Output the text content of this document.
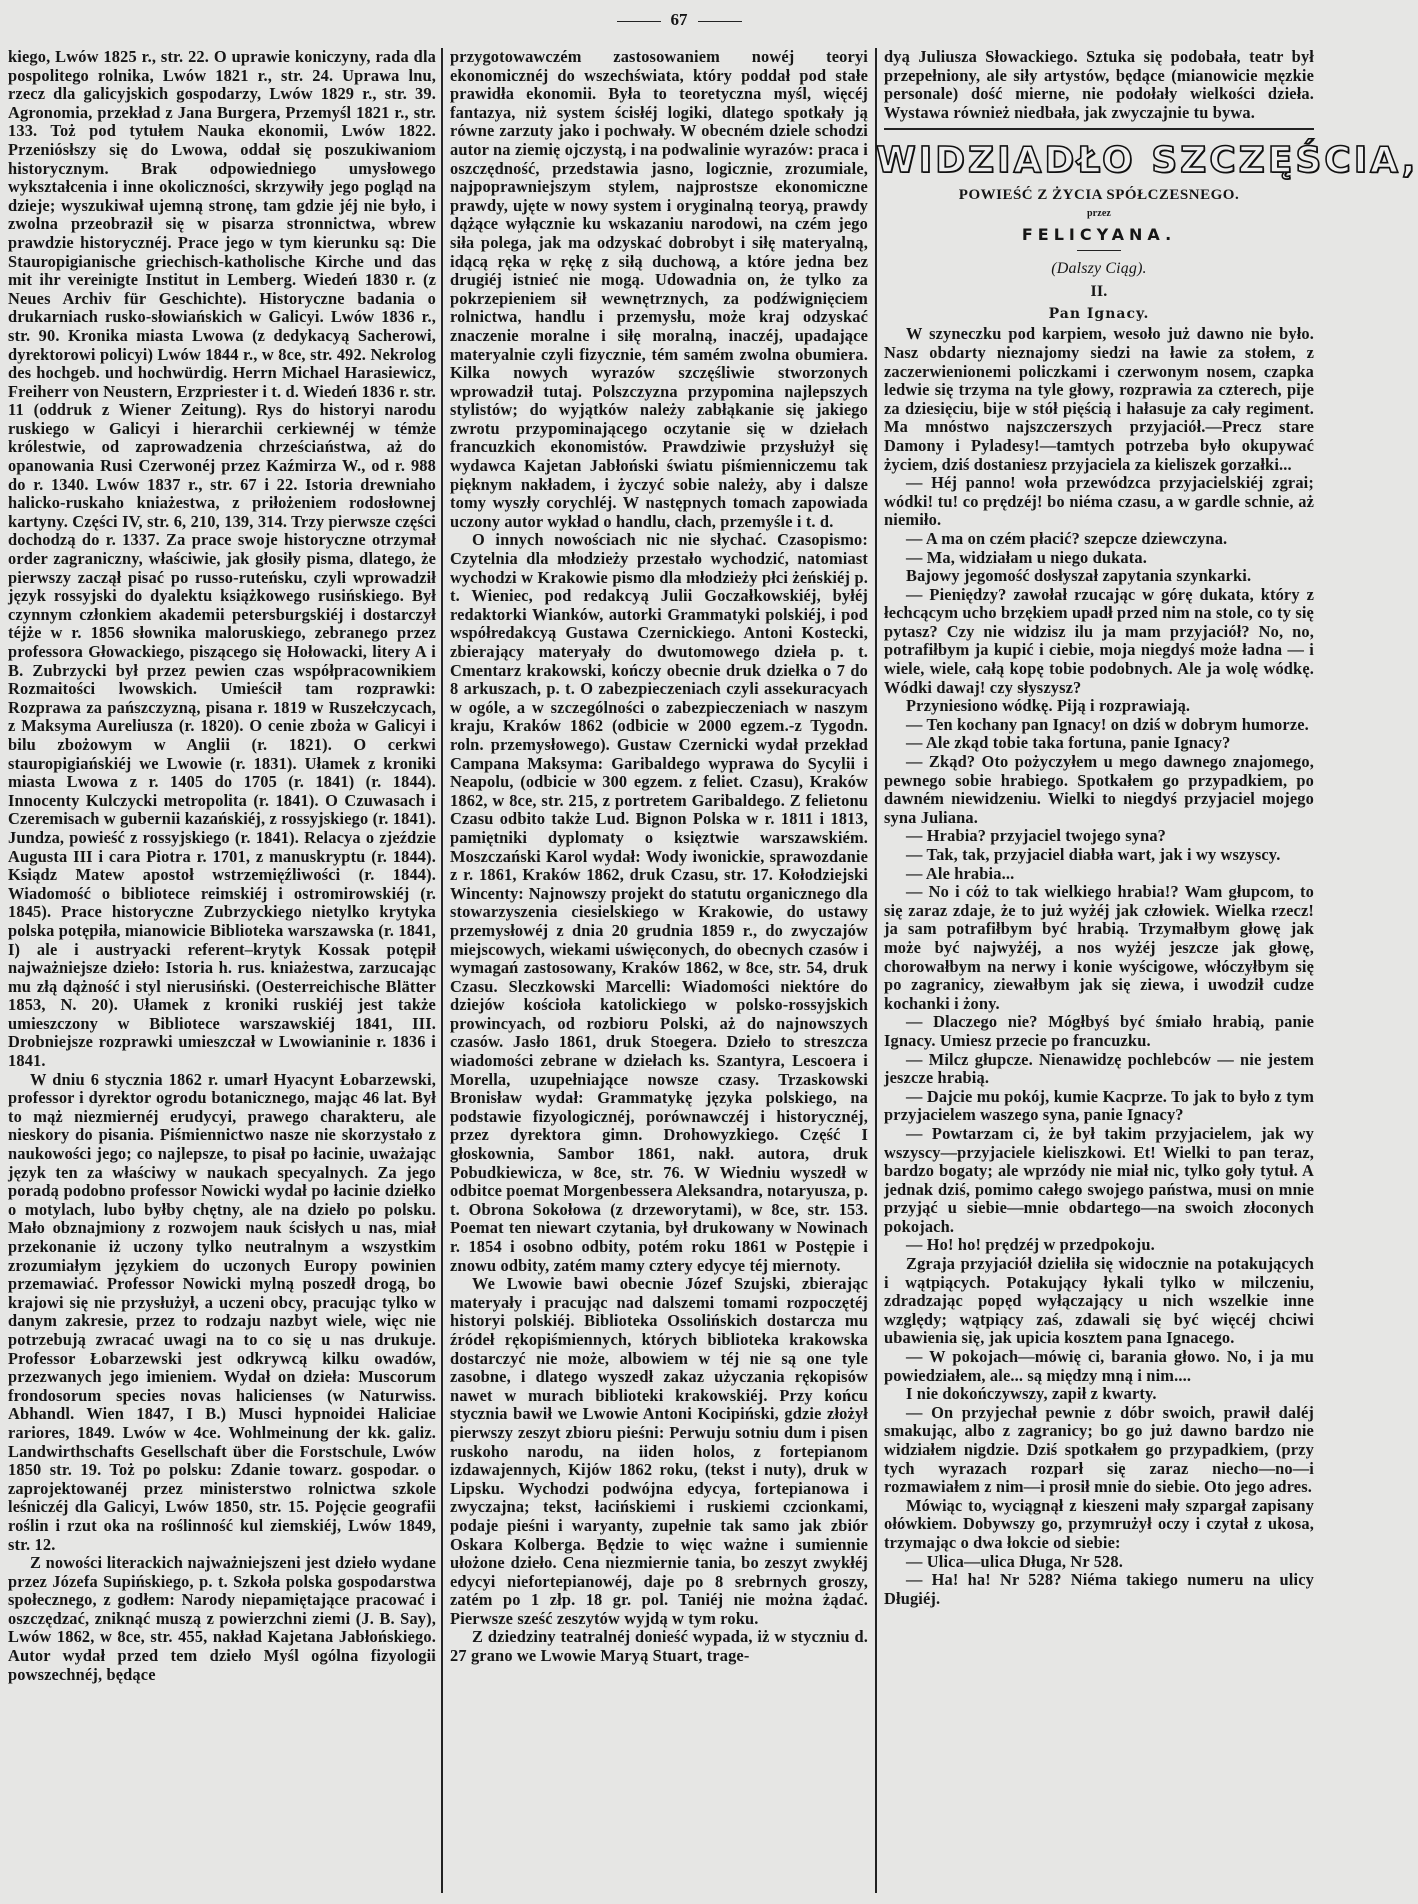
67

kiego, Lwów 1825 r., str. 22. O uprawie koniczyny, rada dla pospolitego rolnika, Lwów 1821 r., str. 24. Uprawa lnu, rzecz dla galicyjskich gospodarzy, Lwów 1829 r., str. 39. Agronomia, przekład z Jana Burgera, Przemyśl 1821 r., str. 133. Toż pod tytułem Nauka ekonomii, Lwów 1822. Przeniósłszy się do Lwowa, oddał się poszukiwaniom historycznym. Brak odpowiedniego umysłowego wykształcenia i inne okoliczności, skrzywiły jego pogląd na dzieje; wyszukiwał ujemną stronę, tam gdzie jéj nie było, i zwolna przeobraził się w pisarza stronnictwa, wbrew prawdzie historycznéj. Prace jego w tym kierunku są: Die Stauropigianische griechisch-katholische Kirche und das mit ihr vereinigte Institut in Lemberg. Wiedeń 1830 r. (z Neues Archiv für Geschichte). Historyczne badania o drukarniach rusko-słowiańskich w Galicyi. Lwów 1836 r., str. 90. Kronika miasta Lwowa (z dedykacyą Sacherowi, dyrektorowi policyi) Lwów 1844 r., w 8ce, str. 492. Nekrolog des hochgeb. und hochwürdig. Herrn Michael Harasiewicz, Freiherr von Neustern, Erzpriester i t. d. Wiedeń 1836 r. str. 11 (oddruk z Wiener Zeitung). Rys do historyi narodu ruskiego w Galicyi i hierarchii cerkiewnéj w témże królestwie, od zaprowadzenia chrześciaństwa, aż do opanowania Rusi Czerwonéj przez Kaźmirza W., od r. 988 do r. 1340. Lwów 1837 r., str. 67 i 22. Istoria drewniaho halicko-ruskaho kniażestwa, z priłożeniem rodosłownej kartyny. Części IV, str. 6, 210, 139, 314. Trzy pierwsze części dochodzą do r. 1337. Za prace swoje historyczne otrzymał order zagraniczny, właściwie, jak głosiły pisma, dlatego, że pierwszy zaczął pisać po russo-ruteńsku, czyli wprowadził język rossyjski do dyalektu książkowego rusińskiego. Był czynnym członkiem akademii petersburgskiéj i dostarczył téjże w r. 1856 słownika maloruskiego, zebranego przez professora Głowackiego, piszącego się Hołowacki, litery A i B. Zubrzycki był przez pewien czas współpracownikiem Rozmaitości lwowskich. Umieścił tam rozprawki: Rozprawa za pańszczyzną, pisana r. 1819 w Ruszełczycach, z Maksyma Aureliusza (r. 1820). O cenie zboża w Galicyi i bilu zbożowym w Anglii (r. 1821). O cerkwi stauropigiańskiéj we Lwowie (r. 1831). Ułamek z kroniki miasta Lwowa z r. 1405 do 1705 (r. 1841) (r. 1844). Innocenty Kulczycki metropolita (r. 1841). O Czuwasach i Czeremisach w gubernii kazańskiéj, z rossyjskiego (r. 1841). Jundza, powieść z rossyjskiego (r. 1841). Relacya o zjeździe Augusta III i cara Piotra r. 1701, z manuskryptu (r. 1844). Ksiądz Matew apostoł wstrzemięźliwości (r. 1844). Wiadomość o bibliotece reimskiéj i ostromirowskiéj (r. 1845). Prace historyczne Zubrzyckiego nietylko krytyka polska potępiła, mianowicie Biblioteka warszawska (r. 1841, I) ale i austryacki referent–krytyk Kossak potępił najważniejsze dzieło: Istoria h. rus. kniażestwa, zarzucając mu złą dążność i styl nierusiński. (Oesterreichische Blätter 1853, N. 20). Ułamek z kroniki ruskiéj jest także umieszczony w Bibliotece warszawskiéj 1841, III. Drobniejsze rozprawki umieszczał w Lwowianinie r. 1836 i 1841.

W dniu 6 stycznia 1862 r. umarł Hyacynt Łobarzewski, professor i dyrektor ogrodu botanicznego, mając 46 lat. Był to mąż niezmiernéj erudycyi, prawego charakteru, ale nieskory do pisania. Piśmiennictwo nasze nie skorzystało z naukowości jego; co najlepsze, to pisał po łacinie, uważając język ten za właściwy w naukach specyalnych. Za jego poradą podobno professor Nowicki wydał po łacinie dziełko o motylach, lubo byłby chętny, ale na dzieło po polsku. Mało obznajmiony z rozwojem nauk ścisłych u nas, miał przekonanie iż uczony tylko neutralnym a wszystkim zrozumiałym językiem do uczonych Europy powinien przemawiać. Professor Nowicki mylną poszedł drogą, bo krajowi się nie przysłużył, a uczeni obcy, pracując tylko w danym zakresie, przez to rodzaju nazbyt wiele, więc nie potrzebują zwracać uwagi na to co się u nas drukuje. Professor Łobarzewski jest odkrywcą kilku owadów, przezwanych jego imieniem. Wydał on dzieła: Muscorum frondosorum species novas halicienses (w Naturwiss. Abhandl. Wien 1847, I B.) Musci hypnoidei Haliciae rariores, 1849. Lwów w 4ce. Wohlmeinung der kk. galiz. Landwirthschafts Gesellschaft über die Forstschule, Lwów 1850 str. 19. Toż po polsku: Zdanie towarz. gospodar. o zaprojektowanéj przez ministerstwo rolnictwa szkole leśniczéj dla Galicyi, Lwów 1850, str. 15. Pojęcie geografii roślin i rzut oka na roślinność kul ziemskiéj, Lwów 1849, str. 12.

Z nowości literackich najważniejszeni jest dzieło wydane przez Józefa Supińskiego, p. t. Szkoła polska gospodarstwa społecznego, z godłem: Narody niepamiętające pracować i oszczędzać, zniknąć muszą z powierzchni ziemi (J. B. Say), Lwów 1862, w 8ce, str. 455, nakład Kajetana Jabłońskiego. Autor wydał przed tem dzieło Myśl ogólna fizyologii powszechnéj, będące

przygotowawczém zastosowaniem nowéj teoryi ekonomicznéj do wszechświata, który poddał pod stałe prawidła ekonomii. Była to teoretyczna myśl, więcéj fantazya, niż system ścisłéj logiki, dlatego spotkały ją równe zarzuty jako i pochwały. W obecném dziele schodzi autor na ziemię ojczystą, i na podwalinie wyrazów: praca i oszczędność, przedstawia jasno, logicznie, zrozumiale, najpoprawniejszym stylem, najprostsze ekonomiczne prawdy, ujęte w nowy system i oryginalną teoryą, prawdy dążące wyłącznie ku wskazaniu narodowi, na czém jego siła polega, jak ma odzyskać dobrobyt i siłę materyalną, idącą ręka w rękę z siłą duchową, a które jedna bez drugiéj istnieć nie mogą. Udowadnia on, że tylko za pokrzepieniem sił wewnętrznych, za podźwignięciem rolnictwa, handlu i przemysłu, może kraj odzyskać znaczenie moralne i siłę moralną, inaczéj, upadające materyalnie czyli fizycznie, tém samém zwolna obumiera. Kilka nowych wyrazów szczęśliwie stworzonych wprowadził tutaj. Polszczyzna przypomina najlepszych stylistów; do wyjątków należy zabłąkanie się jakiego zwrotu przypominającego oczytanie się w dziełach francuzkich ekonomistów. Prawdziwie przysłużył się wydawca Kajetan Jabłoński światu piśmienniczemu tak pięknym nakładem, i życzyć sobie należy, aby i dalsze tomy wyszły corychléj. W następnych tomach zapowiada uczony autor wykład o handlu, cłach, przemyśle i t. d.

O innych nowościach nic nie słychać. Czasopismo: Czytelnia dla młodzieży przestało wychodzić, natomiast wychodzi w Krakowie pismo dla młodzieży płci żeńskiéj p. t. Wieniec, pod redakcyą Julii Goczałkowskiéj, byłéj redaktorki Wianków, autorki Grammatyki polskiéj, i pod współredakcyą Gustawa Czernickiego. Antoni Kostecki, zbierający materyały do dwutomowego dzieła p. t. Cmentarz krakowski, kończy obecnie druk dziełka o 7 do 8 arkuszach, p. t. O zabezpieczeniach czyli assekuracyach w ogóle, a w szczególności o zabezpieczeniach w naszym kraju, Kraków 1862 (odbicie w 2000 egzem.-z Tygodn. roln. przemysłowego). Gustaw Czernicki wydał przekład Campana Maksyma: Garibaldego wyprawa do Sycylii i Neapolu, (odbicie w 300 egzem. z feliet. Czasu), Kraków 1862, w 8ce, str. 215, z portretem Garibaldego. Z felietonu Czasu odbito także Lud. Bignon Polska w r. 1811 i 1813, pamiętniki dyplomaty o księztwie warszawskiém. Moszczański Karol wydał: Wody iwonickie, sprawozdanie z r. 1861, Kraków 1862, druk Czasu, str. 17. Kołodziejski Wincenty: Najnowszy projekt do statutu organicznego dla stowarzyszenia ciesielskiego w Krakowie, do ustawy przemysłowéj z dnia 20 grudnia 1859 r., do zwyczajów miejscowych, wiekami uświęconych, do obecnych czasów i wymagań zastosowany, Kraków 1862, w 8ce, str. 54, druk Czasu. Sleczkowski Marcelli: Wiadomości niektóre do dziejów kościoła katolickiego w polsko-rossyjskich prowincyach, od rozbioru Polski, aż do najnowszych czasów. Jasło 1861, druk Stoegera. Dzieło to streszcza wiadomości zebrane w dziełach ks. Szantyra, Lescoera i Morella, uzupełniające nowsze czasy. Trzaskowski Bronisław wydał: Grammatykę języka polskiego, na podstawie fizyologicznéj, porównawczéj i historycznéj, przez dyrektora gimn. Drohowyzkiego. Część I głoskownia, Sambor 1861, nakł. autora, druk Pobudkiewicza, w 8ce, str. 76. W Wiedniu wyszedł w odbitce poemat Morgenbessera Aleksandra, notaryusza, p. t. Obrona Sokołowa (z drzeworytami), w 8ce, str. 153. Poemat ten niewart czytania, był drukowany w Nowinach r. 1854 i osobno odbity, potém roku 1861 w Postępie i znowu odbity, zatém mamy cztery edycye téj miernoty.

We Lwowie bawi obecnie Józef Szujski, zbierając materyały i pracując nad dalszemi tomami rozpoczętéj historyi polskiéj. Biblioteka Ossolińskich dostarcza mu źródeł rękopiśmiennych, których biblioteka krakowska dostarczyć nie może, albowiem w téj nie są one tyle zasobne, i dlatego wyszedł zakaz użyczania rękopisów nawet w murach biblioteki krakowskiéj. Przy końcu stycznia bawił we Lwowie Antoni Kocipiński, gdzie złożył pierwszy zeszyt zbioru pieśni: Perwuju sotniu dum i pisen ruskoho narodu, na iiden holos, z fortepianom izdawajennych, Kijów 1862 roku, (tekst i nuty), druk w Lipsku. Wychodzi podwójna edycya, fortepianowa i zwyczajna; tekst, łacińskiemi i ruskiemi czcionkami, podaje pieśni i waryanty, zupełnie tak samo jak zbiór Oskara Kolberga. Będzie to więc ważne i sumiennie ułożone dzieło. Cena niezmiernie tania, bo zeszyt zwykłéj edycyi niefortepianowéj, daje po 8 srebrnych groszy, zatém po 1 złp. 18 gr. pol. Taniéj nie można żądać. Pierwsze sześć zeszytów wyjdą w tym roku.

Z dziedziny teatralnéj donieść wypada, iż w styczniu d. 27 grano we Lwowie Maryą Stuart, trage-

dyą Juliusza Słowackiego. Sztuka się podobała, teatr był przepełniony, ale siły artystów, będące (mianowicie męzkie personale) dość mierne, nie podołały wielkości dzieła. Wystawa również niedbała, jak zwyczajnie tu bywa.

WIDZIADŁO SZCZĘŚCIA,
POWIEŚĆ Z ŻYCIA SPÓŁCZESNEGO.
przez
FELICYANA.
(Dalszy Ciąg).
II.
Pan Ignacy.

W szyneczku pod karpiem, wesoło już dawno nie było. Nasz obdarty nieznajomy siedzi na ławie za stołem, z zaczerwienionemi policzkami i czerwonym nosem, czapka ledwie się trzyma na tyle głowy, rozprawia za czterech, pije za dziesięciu, bije w stół pięścią i hałasuje za cały regiment. Ma mnóstwo najszczerszych przyjaciół.—Precz stare Damony i Pyladesy!—tamtych potrzeba było okupywać życiem, dziś dostaniesz przyjaciela za kieliszek gorzałki...

— Héj panno! woła przewódzca przyjacielskiéj zgrai; wódki! tu! co prędzéj! bo niéma czasu, a w gardle schnie, aż niemiło.

— A ma on czém płacić? szepcze dziewczyna.

— Ma, widziałam u niego dukata.

Bajowy jegomość dosłyszał zapytania szynkarki.

— Pieniędzy? zawołał rzucając w górę dukata, który z łechcącym ucho brzękiem upadł przed nim na stole, co ty się pytasz? Czy nie widzisz ilu ja mam przyjaciół? No, no, potrafiłbym ja kupić i ciebie, moja niegdyś może ładna — i wiele, wiele, całą kopę tobie podobnych. Ale ja wolę wódkę. Wódki dawaj! czy słyszysz?

Przyniesiono wódkę. Piją i rozprawiają.

— Ten kochany pan Ignacy! on dziś w dobrym humorze.

— Ale zkąd tobie taka fortuna, panie Ignacy?

— Zkąd? Oto pożyczyłem u mego dawnego znajomego, pewnego sobie hrabiego. Spotkałem go przypadkiem, po dawném niewidzeniu. Wielki to niegdyś przyjaciel mojego syna Juliana.

— Hrabia? przyjaciel twojego syna?

— Tak, tak, przyjaciel diabła wart, jak i wy wszyscy.

— Ale hrabia...

— No i cóż to tak wielkiego hrabia!? Wam głupcom, to się zaraz zdaje, że to już wyżéj jak człowiek. Wielka rzecz! ja sam potrafiłbym być hrabią. Trzymałbym głowę jak może być najwyżéj, a nos wyżéj jeszcze jak głowę, chorowałbym na nerwy i konie wyścigowe, włóczyłbym się po zagranicy, ziewałbym jak się ziewa, i uwodził cudze kochanki i żony.

— Dlaczego nie? Mógłbyś być śmiało hrabią, panie Ignacy. Umiesz przecie po francuzku.

— Milcz głupcze. Nienawidzę pochlebców — nie jestem jeszcze hrabią.

— Dajcie mu pokój, kumie Kacprze. To jak to było z tym przyjacielem waszego syna, panie Ignacy?

— Powtarzam ci, że był takim przyjacielem, jak wy wszyscy—przyjaciele kieliszkowi. Et! Wielki to pan teraz, bardzo bogaty; ale wprzódy nie miał nic, tylko goły tytuł. A jednak dziś, pomimo całego swojego państwa, musi on mnie przyjąć u siebie—mnie obdartego—na swoich złoconych pokojach.

— Ho! ho! prędzéj w przedpokoju.

Zgraja przyjaciół dzieliła się widocznie na potakujących i wątpiących. Potakujący łykali tylko w milczeniu, zdradzając popęd wyłączający u nich wszelkie inne względy; wątpiący zaś, zdawali się być więcéj chciwi ubawienia się, jak upicia kosztem pana Ignacego.

— W pokojach—mówię ci, barania głowo. No, i ja mu powiedziałem, ale... są między mną i nim....

I nie dokończywszy, zapił z kwarty.

— On przyjechał pewnie z dóbr swoich, prawił daléj smakując, albo z zagranicy; bo go już dawno bardzo nie widziałem nigdzie. Dziś spotkałem go przypadkiem, (przy tych wyrazach rozparł się zaraz niecho—no—i rozmawiałem z nim—i prosił mnie do siebie. Oto jego adres.

Mówiąc to, wyciągnął z kieszeni mały szpargał zapisany ołówkiem. Dobywszy go, przymrużył oczy i czytał z ukosa, trzymając o dwa łokcie od siebie:

— Ulica—ulica Długa, Nr 528.

— Ha! ha! Nr 528? Niéma takiego numeru na ulicy Długiéj.
